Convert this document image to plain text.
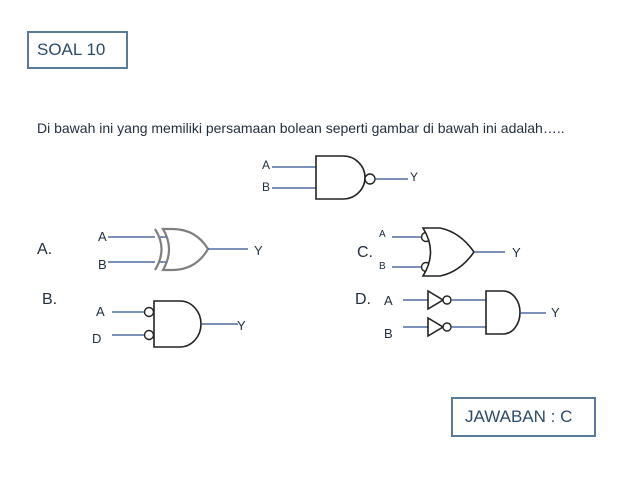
SOAL 10
Di bawah ini yang memiliki persamaan bolean seperti gambar di bawah ini adalah…..
A
B
Y
A.
A
B
Y
B.
A
D
Y
C.
A
B
Y
D. A
B
Y
JAWABAN : C
